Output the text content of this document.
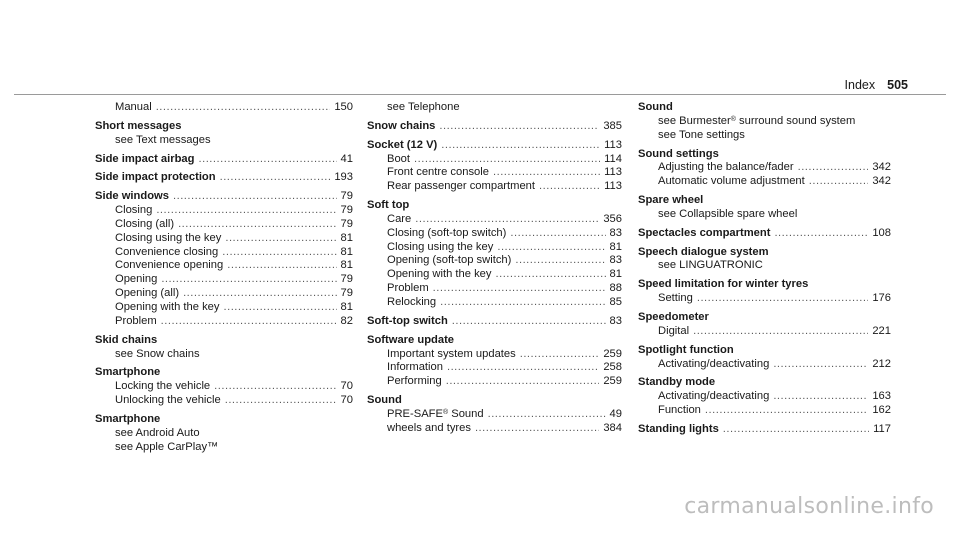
Index 505
Manual .....	150
Short messages
see Text messages
Side impact airbag .....	41
Side impact protection .....	193
Side windows .....	79
Closing .....	79
Closing (all) .....	79
Closing using the key .....	81
Convenience closing .....	81
Convenience opening .....	81
Opening .....	79
Opening (all) .....	79
Opening with the key .....	81
Problem .....	82
Skid chains
see Snow chains
Smartphone
Locking the vehicle .....	70
Unlocking the vehicle .....	70
Smartphone
see Android Auto
see Apple CarPlay™
see Telephone
Snow chains .....	385
Socket (12 V) .....	113
Boot .....	114
Front centre console .....	113
Rear passenger compartment .....	113
Soft top
Care .....	356
Closing (soft-top switch) .....	83
Closing using the key .....	81
Opening (soft-top switch) .....	83
Opening with the key .....	81
Problem .....	88
Relocking .....	85
Soft-top switch .....	83
Software update
Important system updates .....	259
Information .....	258
Performing .....	259
Sound
PRE-SAFE® Sound .....	49
wheels and tyres .....	384
Sound
see Burmester® surround sound system
see Tone settings
Sound settings
Adjusting the balance/fader .....	342
Automatic volume adjustment .....	342
Spare wheel
see Collapsible spare wheel
Spectacles compartment .....	108
Speech dialogue system
see LINGUATRONIC
Speed limitation for winter tyres
Setting .....	176
Speedometer
Digital .....	221
Spotlight function
Activating/deactivating .....	212
Standby mode
Activating/deactivating .....	163
Function .....	162
Standing lights .....	117
carmanualsonline.info
